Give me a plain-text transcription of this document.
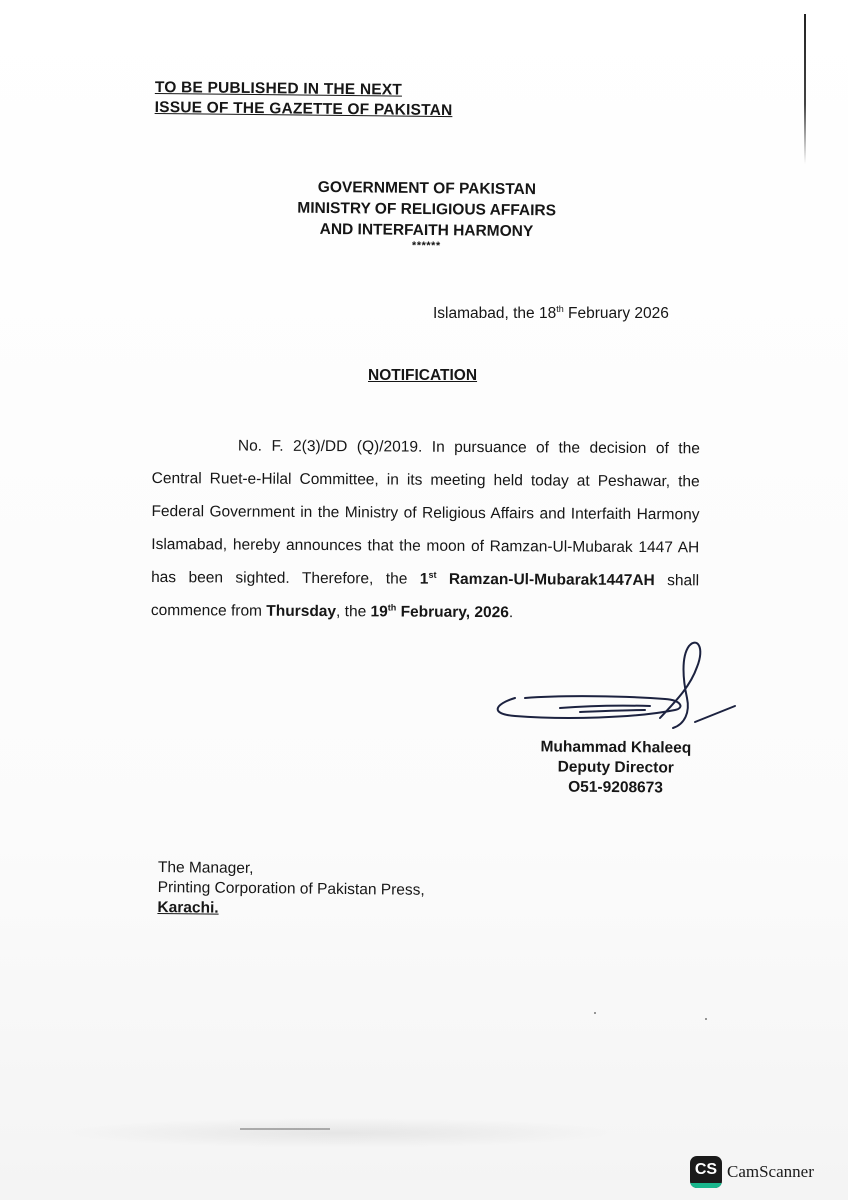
TO BE PUBLISHED IN THE NEXT
ISSUE OF THE GAZETTE OF PAKISTAN
GOVERNMENT OF PAKISTAN
MINISTRY OF RELIGIOUS AFFAIRS
AND INTERFAITH HARMONY
******
Islamabad, the 18th February 2026
NOTIFICATION
No. F. 2(3)/DD (Q)/2019. In pursuance of the decision of the Central Ruet-e-Hilal Committee, in its meeting held today at Peshawar, the Federal Government in the Ministry of Religious Affairs and Interfaith Harmony Islamabad, hereby announces that the moon of Ramzan-Ul-Mubarak 1447 AH has been sighted. Therefore, the 1st Ramzan-Ul-Mubarak1447AH shall commence from Thursday, the 19th February, 2026.
Muhammad Khaleeq
Deputy Director
O51-9208673
The Manager,
Printing Corporation of Pakistan Press,
Karachi.
CS CamScanner
